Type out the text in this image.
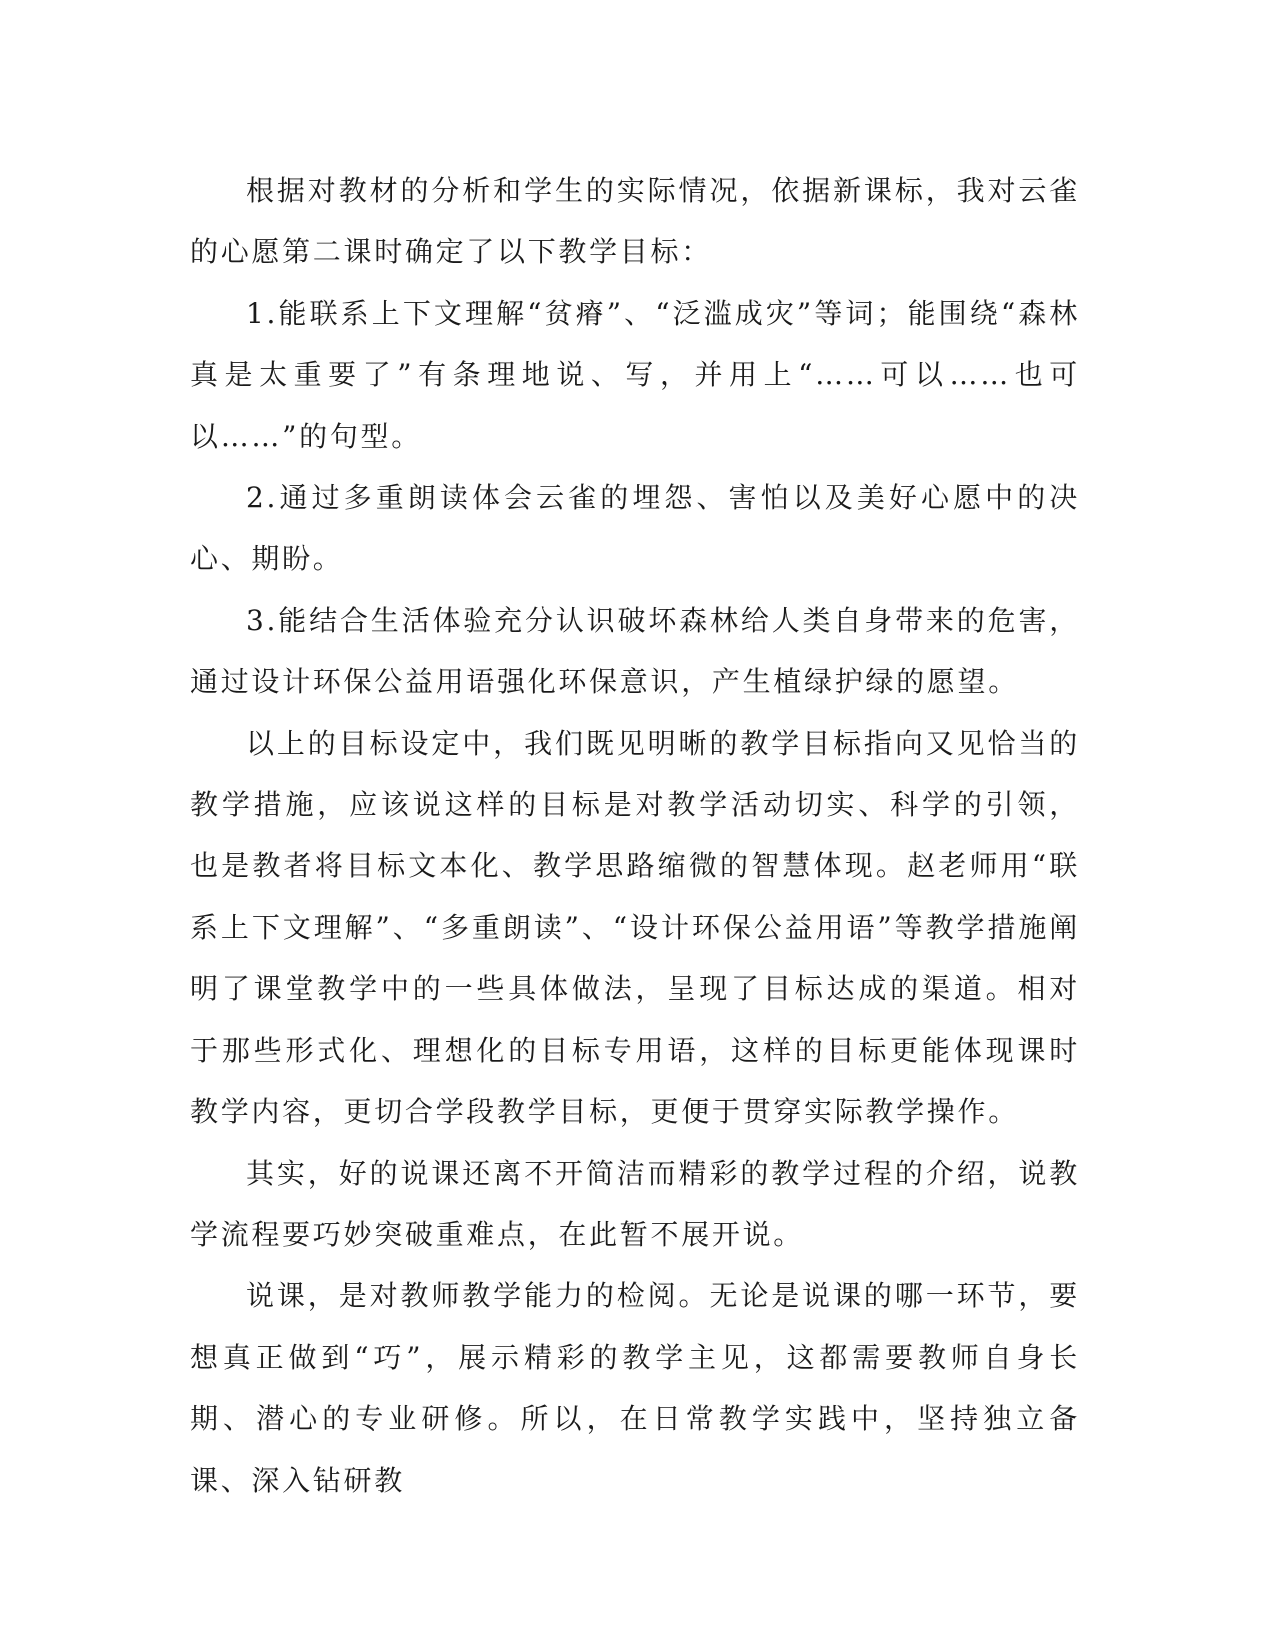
根据对教材的分析和学生的实际情况，依据新课标，我对云雀的心愿第二课时确定了以下教学目标：

1.能联系上下文理解“贫瘠”、“泛滥成灾”等词；能围绕“森林真是太重要了”有条理地说、写，并用上“……可以……也可以……”的句型。

2.通过多重朗读体会云雀的埋怨、害怕以及美好心愿中的决心、期盼。

3.能结合生活体验充分认识破坏森林给人类自身带来的危害，通过设计环保公益用语强化环保意识，产生植绿护绿的愿望。

以上的目标设定中，我们既见明晰的教学目标指向又见恰当的教学措施，应该说这样的目标是对教学活动切实、科学的引领，也是教者将目标文本化、教学思路缩微的智慧体现。赵老师用“联系上下文理解”、“多重朗读”、“设计环保公益用语”等教学措施阐明了课堂教学中的一些具体做法，呈现了目标达成的渠道。相对于那些形式化、理想化的目标专用语，这样的目标更能体现课时教学内容，更切合学段教学目标，更便于贯穿实际教学操作。

其实，好的说课还离不开简洁而精彩的教学过程的介绍，说教学流程要巧妙突破重难点，在此暂不展开说。

说课，是对教师教学能力的检阅。无论是说课的哪一环节，要想真正做到“巧”，展示精彩的教学主见，这都需要教师自身长期、潜心的专业研修。所以，在日常教学实践中，坚持独立备课、深入钻研教
